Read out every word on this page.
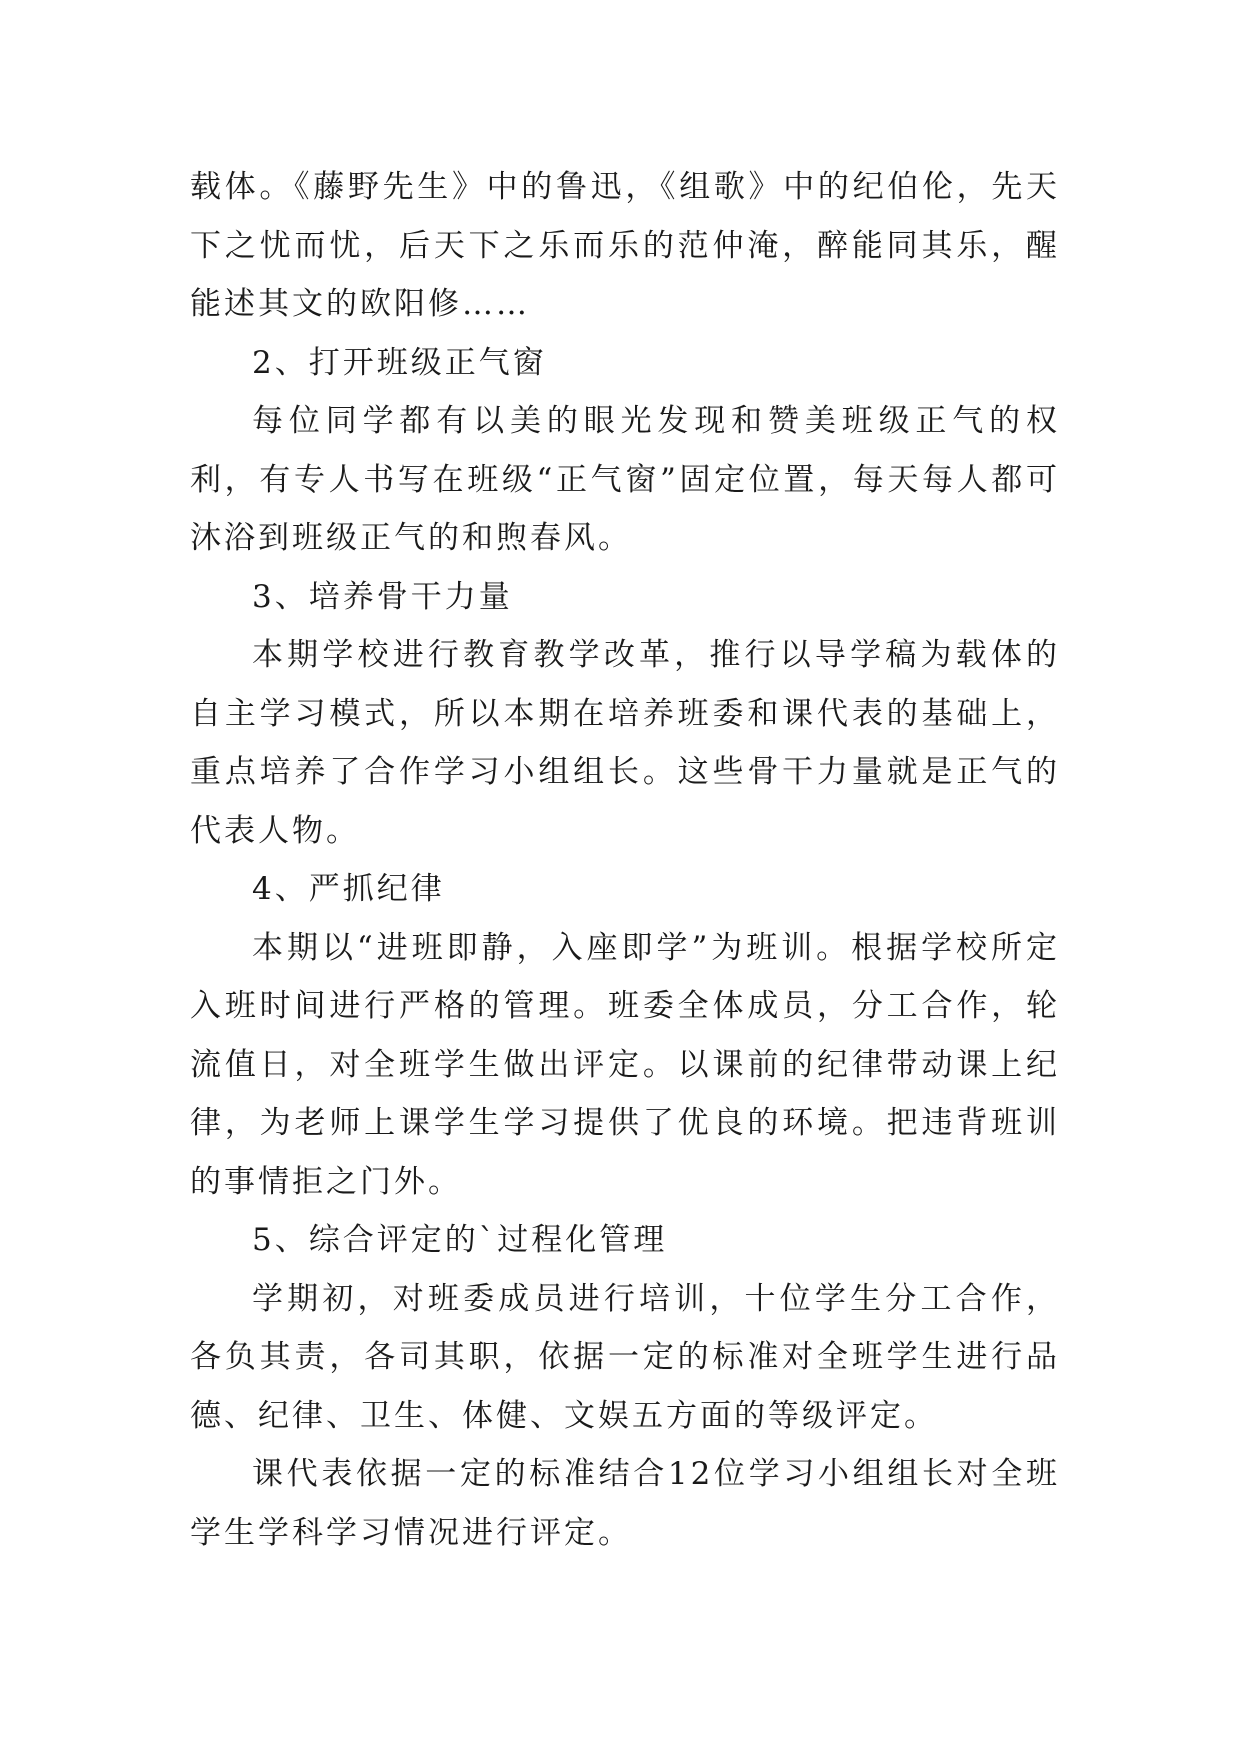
载体。《藤野先生》中的鲁迅，《组歌》中的纪伯伦，先天下之忧而忧，后天下之乐而乐的范仲淹，醉能同其乐，醒能述其文的欧阳修……

2、打开班级正气窗

每位同学都有以美的眼光发现和赞美班级正气的权利，有专人书写在班级“正气窗”固定位置，每天每人都可沐浴到班级正气的和煦春风。

3、培养骨干力量

本期学校进行教育教学改革，推行以导学稿为载体的自主学习模式，所以本期在培养班委和课代表的基础上，重点培养了合作学习小组组长。这些骨干力量就是正气的代表人物。

4、严抓纪律

本期以“进班即静，入座即学”为班训。根据学校所定入班时间进行严格的管理。班委全体成员，分工合作，轮流值日，对全班学生做出评定。以课前的纪律带动课上纪律，为老师上课学生学习提供了优良的环境。把违背班训的事情拒之门外。

5、综合评定的`过程化管理

学期初，对班委成员进行培训，十位学生分工合作，各负其责，各司其职，依据一定的标准对全班学生进行品德、纪律、卫生、体健、文娱五方面的等级评定。

课代表依据一定的标准结合12位学习小组组长对全班学生学科学习情况进行评定。
